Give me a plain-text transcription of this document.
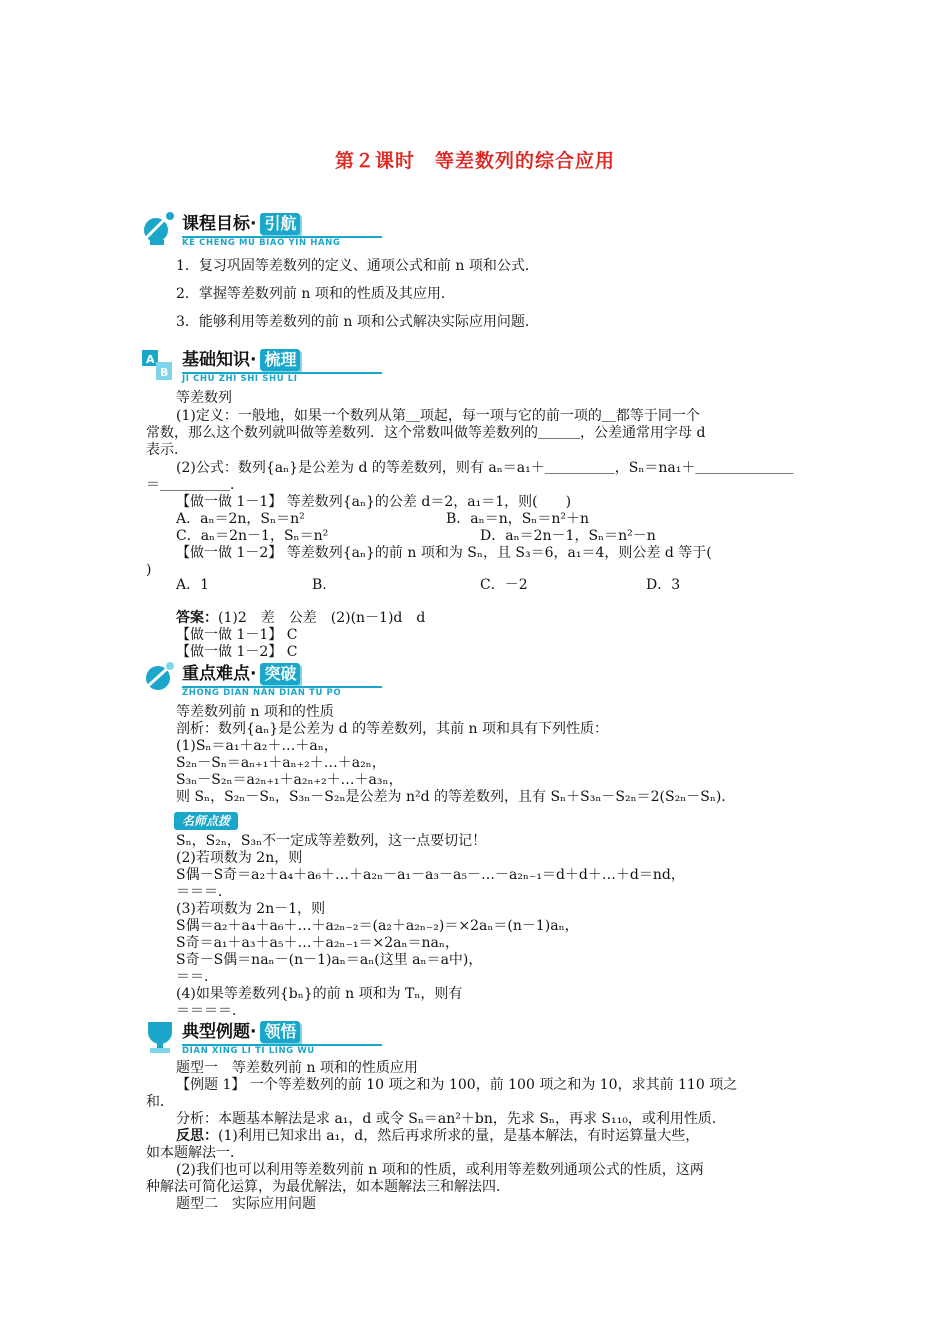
第２课时　等差数列的综合应用
课程目标· 引航
KE CHENG MU BIAO YIN HANG
1．复习巩固等差数列的定义、通项公式和前 n 项和公式．
2．掌握等差数列前 n 项和的性质及其应用．
3．能够利用等差数列的前 n 项和公式解决实际应用问题．
A
B
基础知识· 梳理
JI CHU ZHI SHI SHU LI
等差数列
(1)定义：一般地，如果一个数列从第＿项起，每一项与它的前一项的＿都等于同一个
常数，那么这个数列就叫做等差数列．这个常数叫做等差数列的＿＿＿，公差通常用字母 d
表示．
(2)公式：数列{aₙ}是公差为 d 的等差数列，则有 aₙ＝a₁＋＿＿＿＿＿，Sₙ＝na₁＋＿＿＿＿＿＿＿
＝＿＿＿＿＿．
【做一做 1－1】 等差数列{aₙ}的公差 d＝2，a₁＝1，则(　　)
A．aₙ＝2n，Sₙ＝n²	B．aₙ＝n，Sₙ＝n²＋n
C．aₙ＝2n－1，Sₙ＝n²	D．aₙ＝2n－1，Sₙ＝n²－n
【做一做 1－2】 等差数列{aₙ}的前 n 项和为 Sₙ，且 S₃＝6，a₁＝4，则公差 d 等于(
)
A．1	B.	C．－2	D．3
答案：(1)2　差　公差　(2)(n－1)d　d
【做一做 1－1】 C
【做一做 1－2】 C
重点难点· 突破
ZHONG DIAN NAN DIAN TU PO
等差数列前 n 项和的性质
剖析：数列{aₙ}是公差为 d 的等差数列，其前 n 项和具有下列性质：
(1)Sₙ＝a₁＋a₂＋…＋aₙ，
S₂ₙ－Sₙ＝aₙ₊₁＋aₙ₊₂＋…＋a₂ₙ，
S₃ₙ－S₂ₙ＝a₂ₙ₊₁＋a₂ₙ₊₂＋…＋a₃ₙ，
则 Sₙ，S₂ₙ－Sₙ，S₃ₙ－S₂ₙ是公差为 n²d 的等差数列，且有 Sₙ＋S₃ₙ－S₂ₙ＝2(S₂ₙ－Sₙ)．
名师点拨
Sₙ，S₂ₙ，S₃ₙ不一定成等差数列，这一点要切记！
(2)若项数为 2n，则
S偶－S奇＝a₂＋a₄＋a₆＋…＋a₂ₙ－a₁－a₃－a₅－…－a₂ₙ₋₁＝d＋d＋…＋d＝nd，
＝＝＝．
(3)若项数为 2n－1，则
S偶＝a₂＋a₄＋a₆＋…＋a₂ₙ₋₂＝(a₂＋a₂ₙ₋₂)＝×2aₙ＝(n－1)aₙ，
S奇＝a₁＋a₃＋a₅＋…＋a₂ₙ₋₁＝×2aₙ＝naₙ，
S奇－S偶＝naₙ－(n－1)aₙ＝aₙ(这里 aₙ＝a中)，
＝＝．
(4)如果等差数列{bₙ}的前 n 项和为 Tₙ，则有
＝＝＝＝．
典型例题· 领悟
DIAN XING LI TI LING WU
题型一　等差数列前 n 项和的性质应用
【例题 1】 一个等差数列的前 10 项之和为 100，前 100 项之和为 10，求其前 110 项之
和．
分析：本题基本解法是求 a₁，d 或令 Sₙ＝an²＋bn，先求 Sₙ，再求 S₁₁₀，或利用性质．
反思：(1)利用已知求出 a₁，d，然后再求所求的量，是基本解法，有时运算量大些，
如本题解法一．
(2)我们也可以利用等差数列前 n 项和的性质，或利用等差数列通项公式的性质，这两
种解法可简化运算，为最优解法，如本题解法三和解法四．
题型二　实际应用问题
